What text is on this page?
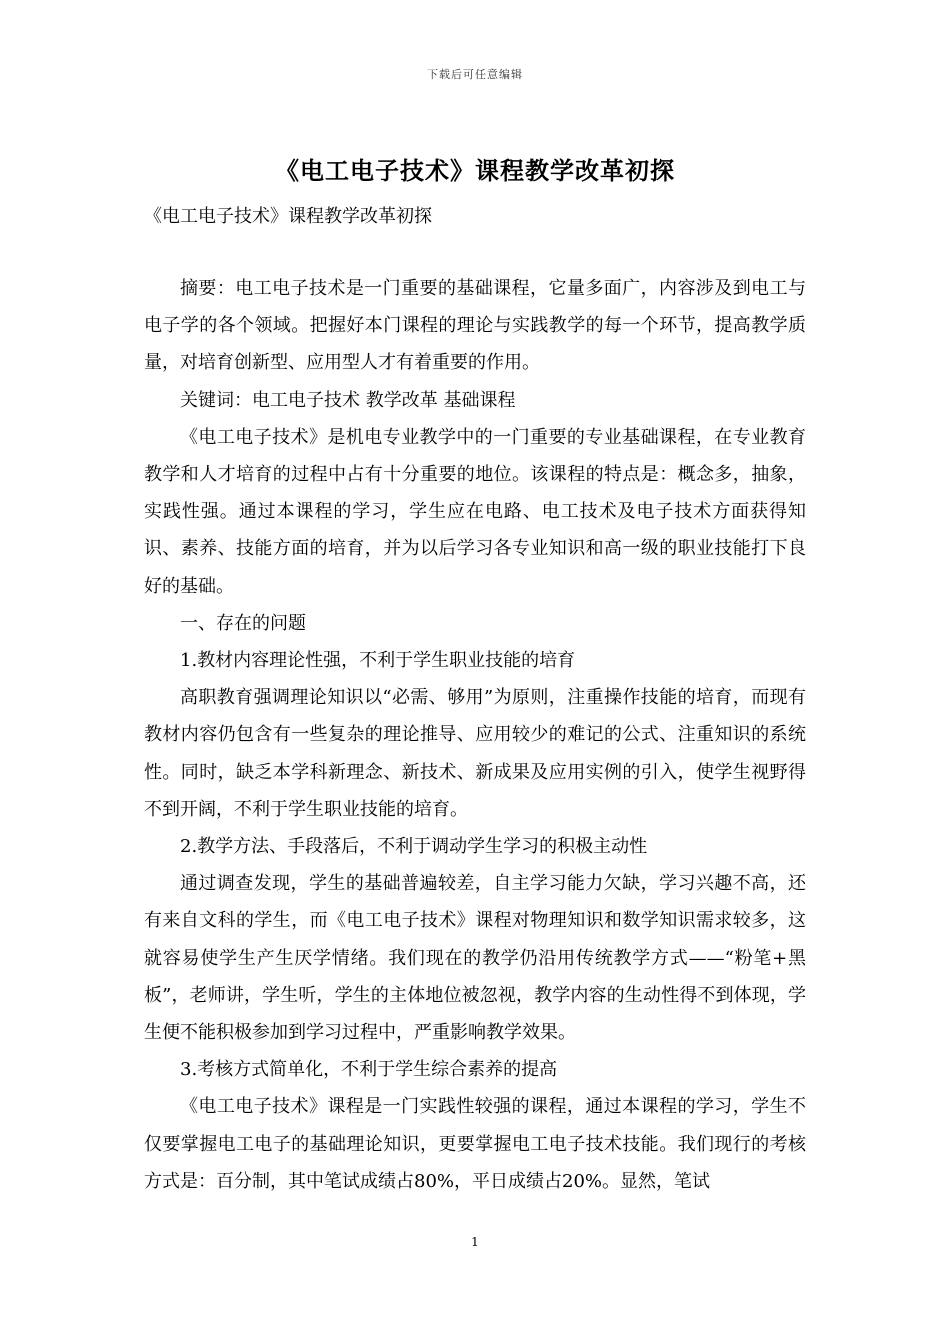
下载后可任意编辑
《电工电子技术》课程教学改革初探
《电工电子技术》课程教学改革初探

摘要：电工电子技术是一门重要的基础课程，它量多面广，内容涉及到电工与电子学的各个领域。把握好本门课程的理论与实践教学的每一个环节，提高教学质量，对培育创新型、应用型人才有着重要的作用。

关键词：电工电子技术 教学改革 基础课程

《电工电子技术》是机电专业教学中的一门重要的专业基础课程，在专业教育教学和人才培育的过程中占有十分重要的地位。该课程的特点是：概念多，抽象，实践性强。通过本课程的学习，学生应在电路、电工技术及电子技术方面获得知识、素养、技能方面的培育，并为以后学习各专业知识和高一级的职业技能打下良好的基础。

一、存在的问题

1.教材内容理论性强，不利于学生职业技能的培育

高职教育强调理论知识以“必需、够用”为原则，注重操作技能的培育，而现有教材内容仍包含有一些复杂的理论推导、应用较少的难记的公式、注重知识的系统性。同时，缺乏本学科新理念、新技术、新成果及应用实例的引入，使学生视野得不到开阔，不利于学生职业技能的培育。

2.教学方法、手段落后，不利于调动学生学习的积极主动性

通过调查发现，学生的基础普遍较差，自主学习能力欠缺，学习兴趣不高，还有来自文科的学生，而《电工电子技术》课程对物理知识和数学知识需求较多，这就容易使学生产生厌学情绪。我们现在的教学仍沿用传统教学方式——“粉笔+黑板”，老师讲，学生听，学生的主体地位被忽视，教学内容的生动性得不到体现，学生便不能积极参加到学习过程中，严重影响教学效果。

3.考核方式简单化，不利于学生综合素养的提高

《电工电子技术》课程是一门实践性较强的课程，通过本课程的学习，学生不仅要掌握电工电子的基础理论知识，更要掌握电工电子技术技能。我们现行的考核方式是：百分制，其中笔试成绩占80%，平日成绩占20%。显然，笔试

1
